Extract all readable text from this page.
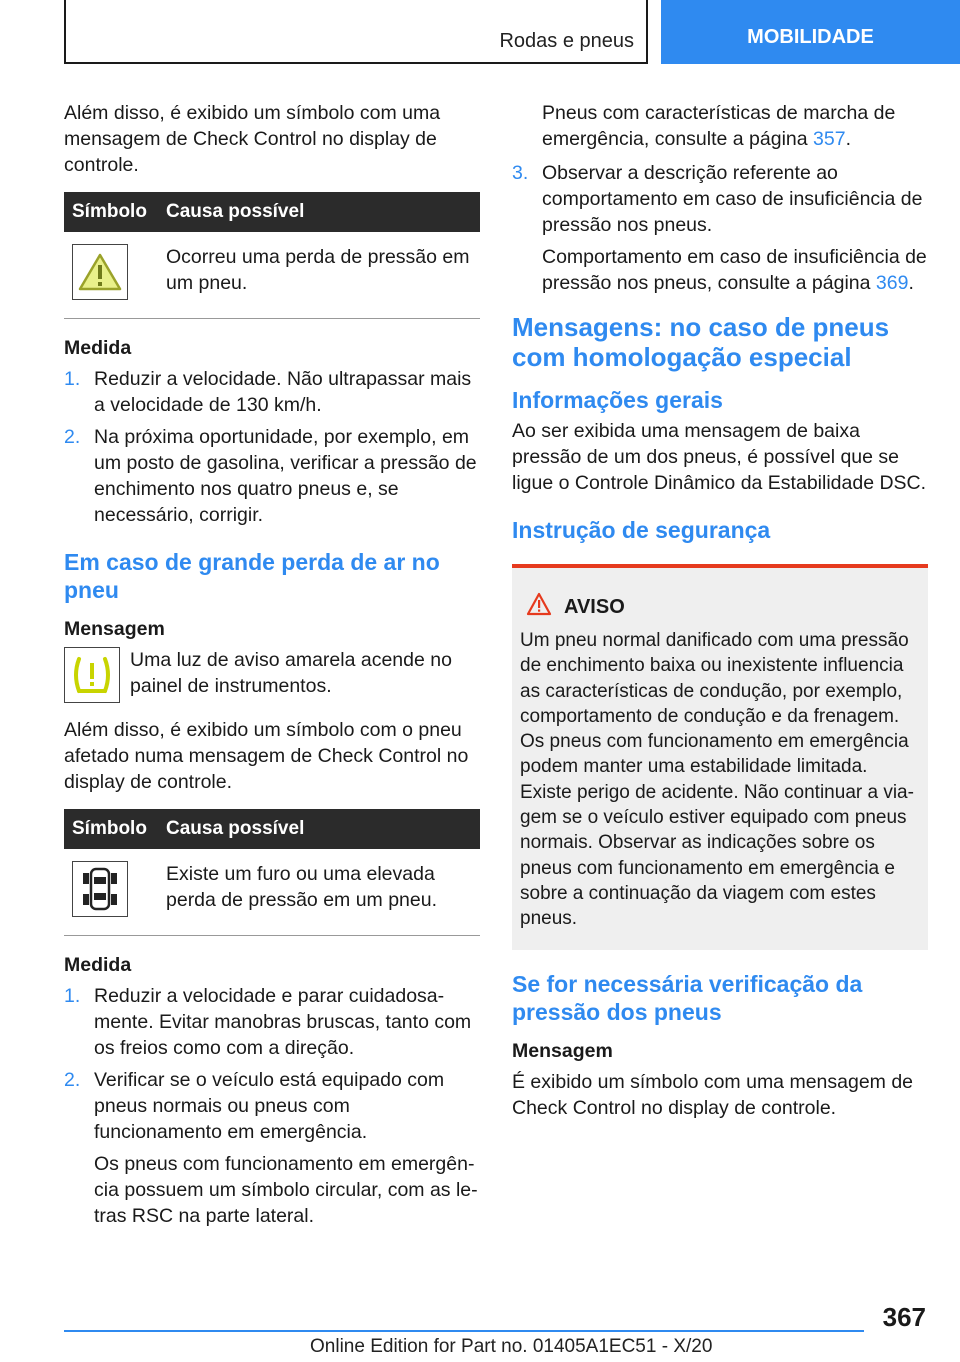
Rodas e pneus	MOBILIDADE

Além disso, é exibido um símbolo com uma mensagem de Check Control no display de controle.

Símbolo	Causa possível

	Ocorreu uma perda de pressão em um pneu.
Medida
1. Reduzir a velocidade. Não ultrapassar mais a velocidade de 130 km/h.
2. Na próxima oportunidade, por exemplo, em um posto de gasolina, verificar a pressão de enchimento nos quatro pneus e, se necessário, corrigir.
Em caso de grande perda de ar no pneu
Mensagem

Uma luz de aviso amarela acende no painel de instrumentos.

Além disso, é exibido um símbolo com o pneu afetado numa mensagem de Check Control no display de controle.

Símbolo	Causa possível

	Existe um furo ou uma elevada perda de pressão em um pneu.
Medida
1. Reduzir a velocidade e parar cuidadosamente. Evitar manobras bruscas, tanto com os freios como com a direção.
2. Verificar se o veículo está equipado com pneus normais ou pneus com funcionamento em emergência.

Os pneus com funcionamento em emergência possuem um símbolo circular, com as letras RSC na parte lateral.

Pneus com características de marcha de emergência, consulte a página 357.

3. Observar a descrição referente ao comportamento em caso de insuficiência de pressão nos pneus.

Comportamento em caso de insuficiência de pressão nos pneus, consulte a página 369.

Mensagens: no caso de pneus com homologação especial
Informações gerais

Ao ser exibida uma mensagem de baixa pressão de um dos pneus, é possível que se ligue o Controle Dinâmico da Estabilidade DSC.

Instrução de segurança
AVISO

Um pneu normal danificado com uma pressão de enchimento baixa ou inexistente influencia as características de condução, por exemplo, comportamento de condução e da frenagem. Os pneus com funcionamento em emergência podem manter uma estabilidade limitada. Existe perigo de acidente. Não continuar a viagem se o veículo estiver equipado com pneus normais. Observar as indicações sobre os pneus com funcionamento em emergência e sobre a continuação da viagem com estes pneus.

Se for necessária verificação da pressão dos pneus
Mensagem

É exibido um símbolo com uma mensagem de Check Control no display de controle.

367
Online Edition for Part no. 01405A1EC51 - X/20
